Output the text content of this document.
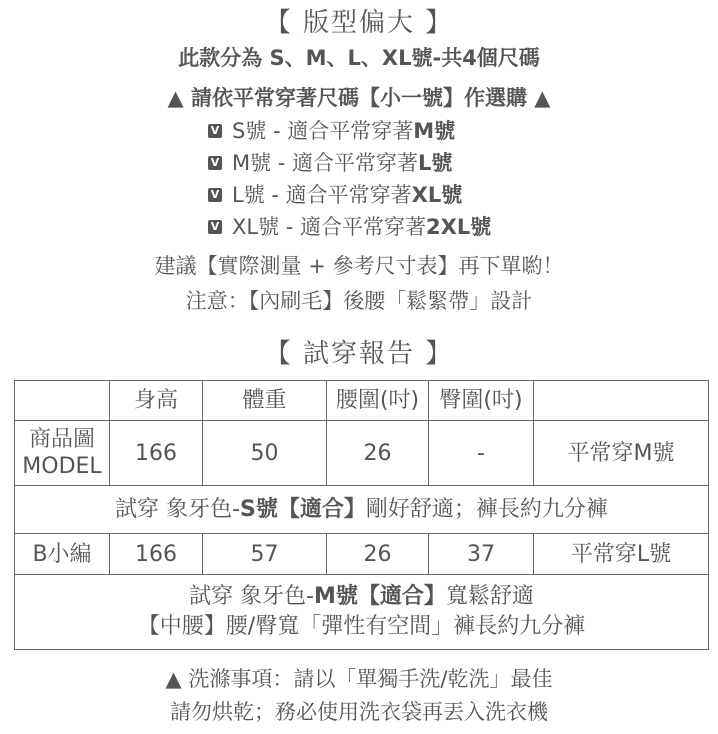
【 版型偏大 】
此款分為 S、M、L、XL號-共4個尺碼
▲ 請依平常穿著尺碼【小一號】作選購 ▲
V S號 - 適合平常穿著 M號
V M號 - 適合平常穿著 L號
V L號 - 適合平常穿著 XL號
V XL號 - 適合平常穿著 2XL號
建議【實際測量 + 參考尺寸表】再下單喲！
注意：【內刷毛】後腰「鬆緊帶」設計
【 試穿報告 】
	身高	體重	腰圍(吋)	臀圍(吋)	
商品圖
MODEL	166	50	26	-	平常穿M號
試穿 象牙色-S號【適合】剛好舒適；褲長約九分褲					
B小編	166	57	26	37	平常穿L號
試穿 象牙色-M號【適合】寬鬆舒適
【中腰】腰/臀寬「彈性有空間」褲長約九分褲					
▲ 洗滌事項：請以「單獨手洗/乾洗」最佳
請勿烘乾；務必使用洗衣袋再丟入洗衣機
